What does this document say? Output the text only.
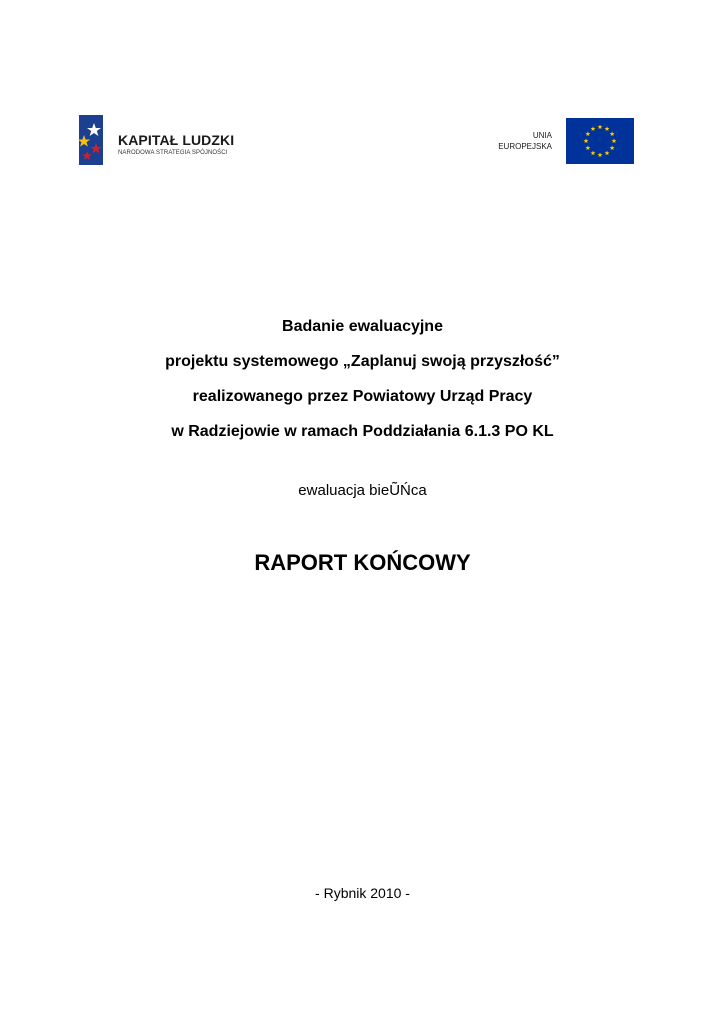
KAPITAŁ LUDZKI
NARODOWA STRATEGIA SPÓJNOŚCI
UNIA
EUROPEJSKA
Badanie ewaluacyjne
projektu systemowego „Zaplanuj swoją przyszłość”
realizowanego przez Powiatowy Urząd Pracy
w Radziejowie w ramach Poddziałania 6.1.3 PO KL
ewaluacja bieŨŃca
RAPORT KOŃCOWY
- Rybnik 2010 -
